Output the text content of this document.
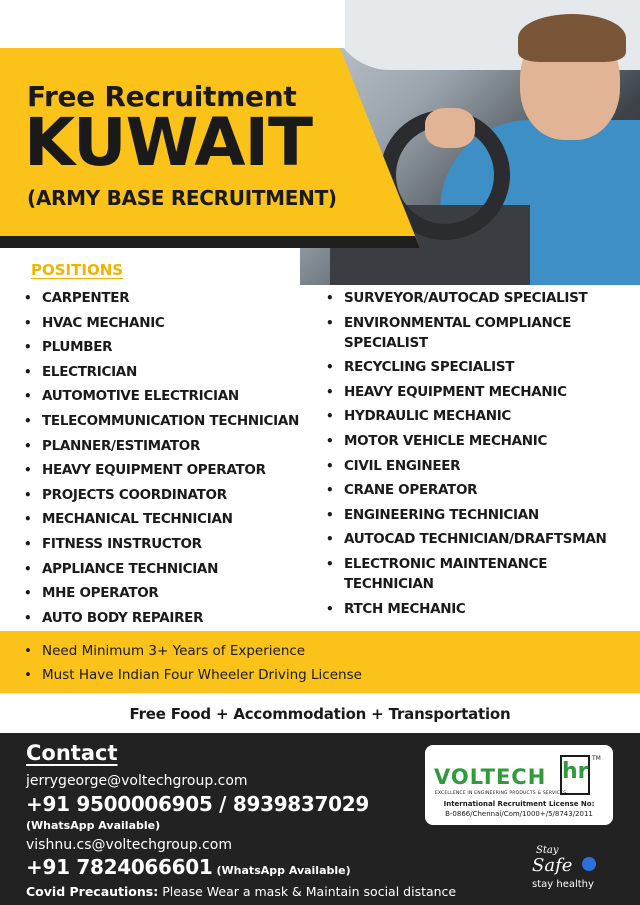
Free Recruitment
KUWAIT
(ARMY BASE RECRUITMENT)
POSITIONS
• CARPENTER
• HVAC MECHANIC
• PLUMBER
• ELECTRICIAN
• AUTOMOTIVE ELECTRICIAN
• TELECOMMUNICATION TECHNICIAN
• PLANNER/ESTIMATOR
• HEAVY EQUIPMENT OPERATOR
• PROJECTS COORDINATOR
• MECHANICAL TECHNICIAN
• FITNESS INSTRUCTOR
• APPLIANCE TECHNICIAN
• MHE OPERATOR
• AUTO BODY REPAIRER
• SURVEYOR/AUTOCAD SPECIALIST
• ENVIRONMENTAL COMPLIANCE SPECIALIST
• RECYCLING SPECIALIST
• HEAVY EQUIPMENT MECHANIC
• HYDRAULIC MECHANIC
• MOTOR VEHICLE MECHANIC
• CIVIL ENGINEER
• CRANE OPERATOR
• ENGINEERING TECHNICIAN
• AUTOCAD TECHNICIAN/DRAFTSMAN
• ELECTRONIC MAINTENANCE TECHNICIAN
• RTCH MECHANIC
• Need Minimum 3+ Years of Experience
• Must Have Indian Four Wheeler Driving License
Free Food + Accommodation + Transportation
Contact
jerrygeorge@voltechgroup.com
+91 9500006905 / 8939837029
(WhatsApp Available)
vishnu.cs@voltechgroup.com
+91 7824066601 (WhatsApp Available)
Covid Precautions: Please Wear a mask & Maintain social distance
VOLTECH
EXCELLENCE IN ENGINEERING PRODUCTS & SERVICES
hr
TM
International Recruitment License No:
B-0866/Chennai/Com/1000+/5/8743/2011
Stay
Safe
stay healthy
